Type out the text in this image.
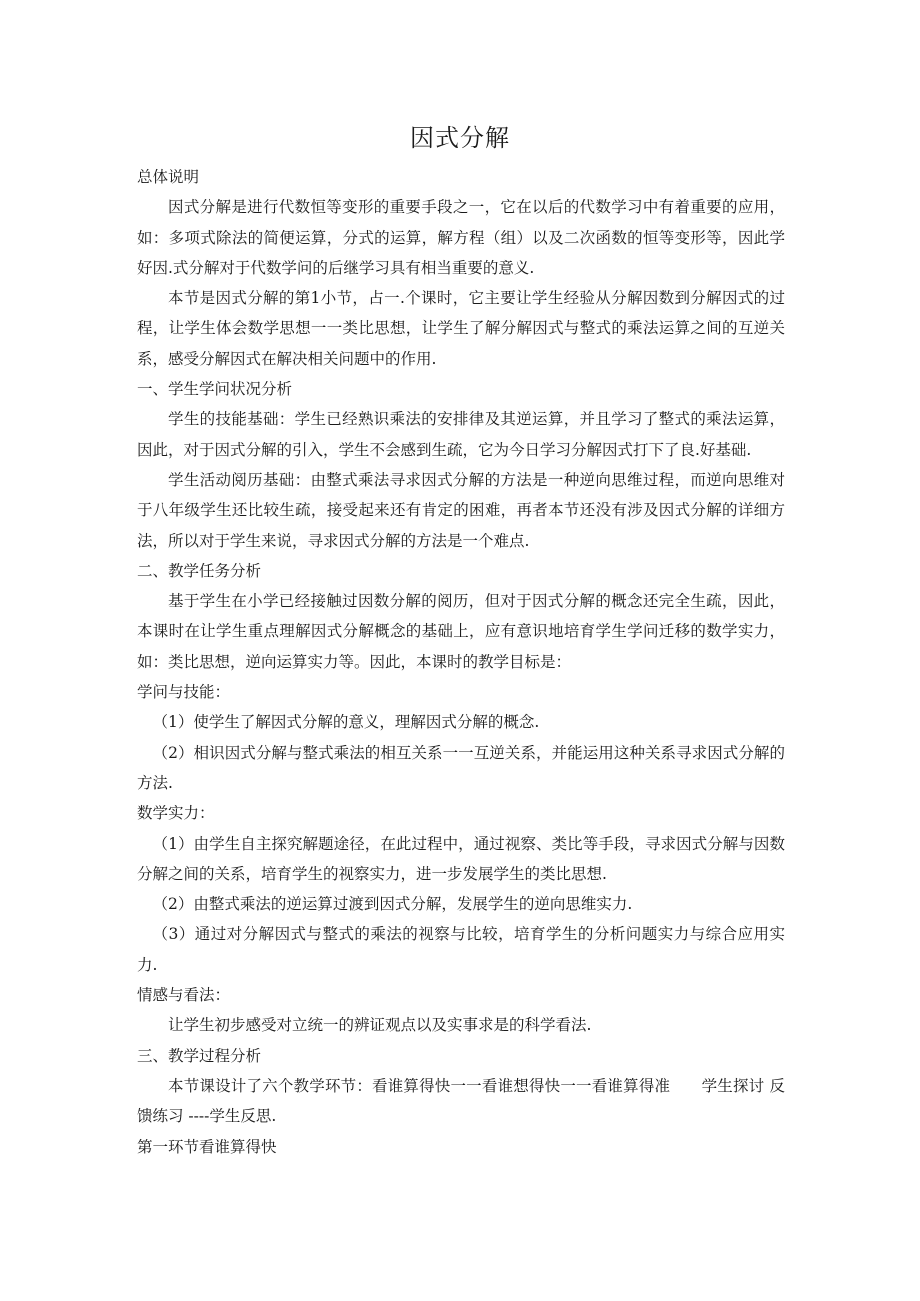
因式分解

总体说明

因式分解是进行代数恒等变形的重要手段之一，它在以后的代数学习中有着重要的应用，如：多项式除法的简便运算，分式的运算，解方程（组）以及二次函数的恒等变形等，因此学好因.式分解对于代数学问的后继学习具有相当重要的意义.

本节是因式分解的第1小节，占一.个课时，它主要让学生经验从分解因数到分解因式的过程，让学生体会数学思想一一类比思想，让学生了解分解因式与整式的乘法运算之间的互逆关系，感受分解因式在解决相关问题中的作用.

一、学生学问状况分析

学生的技能基础：学生已经熟识乘法的安排律及其逆运算，并且学习了整式的乘法运算，因此，对于因式分解的引入，学生不会感到生疏，它为今日学习分解因式打下了良.好基础.

学生活动阅历基础：由整式乘法寻求因式分解的方法是一种逆向思维过程，而逆向思维对于八年级学生还比较生疏，接受起来还有肯定的困难，再者本节还没有涉及因式分解的详细方法，所以对于学生来说，寻求因式分解的方法是一个难点.

二、教学任务分析

基于学生在小学已经接触过因数分解的阅历，但对于因式分解的概念还完全生疏，因此，本课时在让学生重点理解因式分解概念的基础上，应有意识地培育学生学问迁移的数学实力，如：类比思想，逆向运算实力等。因此，本课时的教学目标是：

学问与技能：

（1）使学生了解因式分解的意义，理解因式分解的概念.

（2）相识因式分解与整式乘法的相互关系一一互逆关系，并能运用这种关系寻求因式分解的方法.

数学实力：

（1）由学生自主探究解题途径，在此过程中，通过视察、类比等手段，寻求因式分解与因数分解之间的关系，培育学生的视察实力，进一步发展学生的类比思想.

（2）由整式乘法的逆运算过渡到因式分解，发展学生的逆向思维实力.

（3）通过对分解因式与整式的乘法的视察与比较，培育学生的分析问题实力与综合应用实力.

情感与看法：

让学生初步感受对立统一的辨证观点以及实事求是的科学看法.

三、教学过程分析

本节课设计了六个教学环节：看谁算得快一一看谁想得快一一看谁算得准　　学生探讨 反馈练习 ----学生反思.

第一环节看谁算得快
